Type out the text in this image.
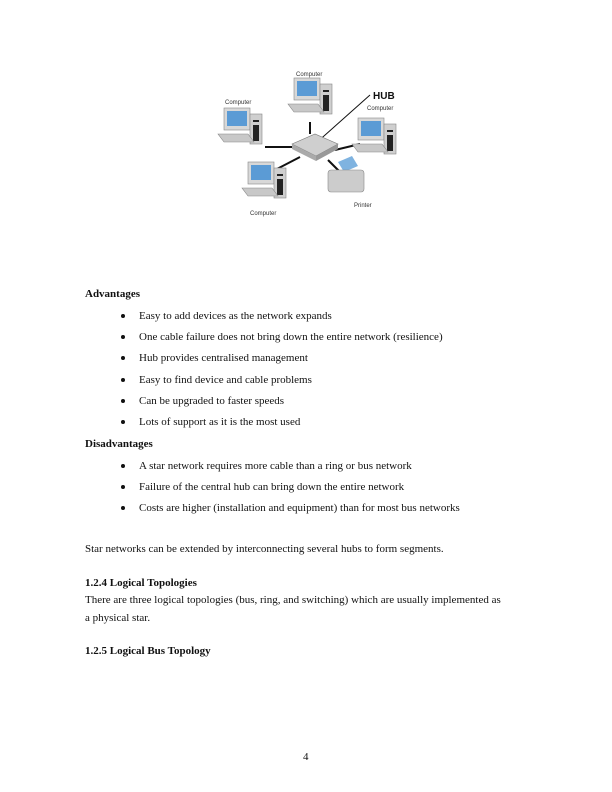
Computer
Computer
Computer
Computer
Printer
HUB
Advantages
Easy to add devices as the network expands
One cable failure does not bring down the entire network (resilience)
Hub provides centralised management
Easy to find device and cable problems
Can be upgraded to faster speeds
Lots of support as it is the most used
Disadvantages
A star network requires more cable than a ring or bus network
Failure of the central hub can bring down the entire network
Costs are higher (installation and equipment) than for most bus networks
Star networks can be extended by interconnecting several hubs to form segments.
1.2.4 Logical Topologies
There are three logical topologies (bus, ring, and switching) which are usually implemented as
a physical star.
1.2.5 Logical Bus Topology
4
